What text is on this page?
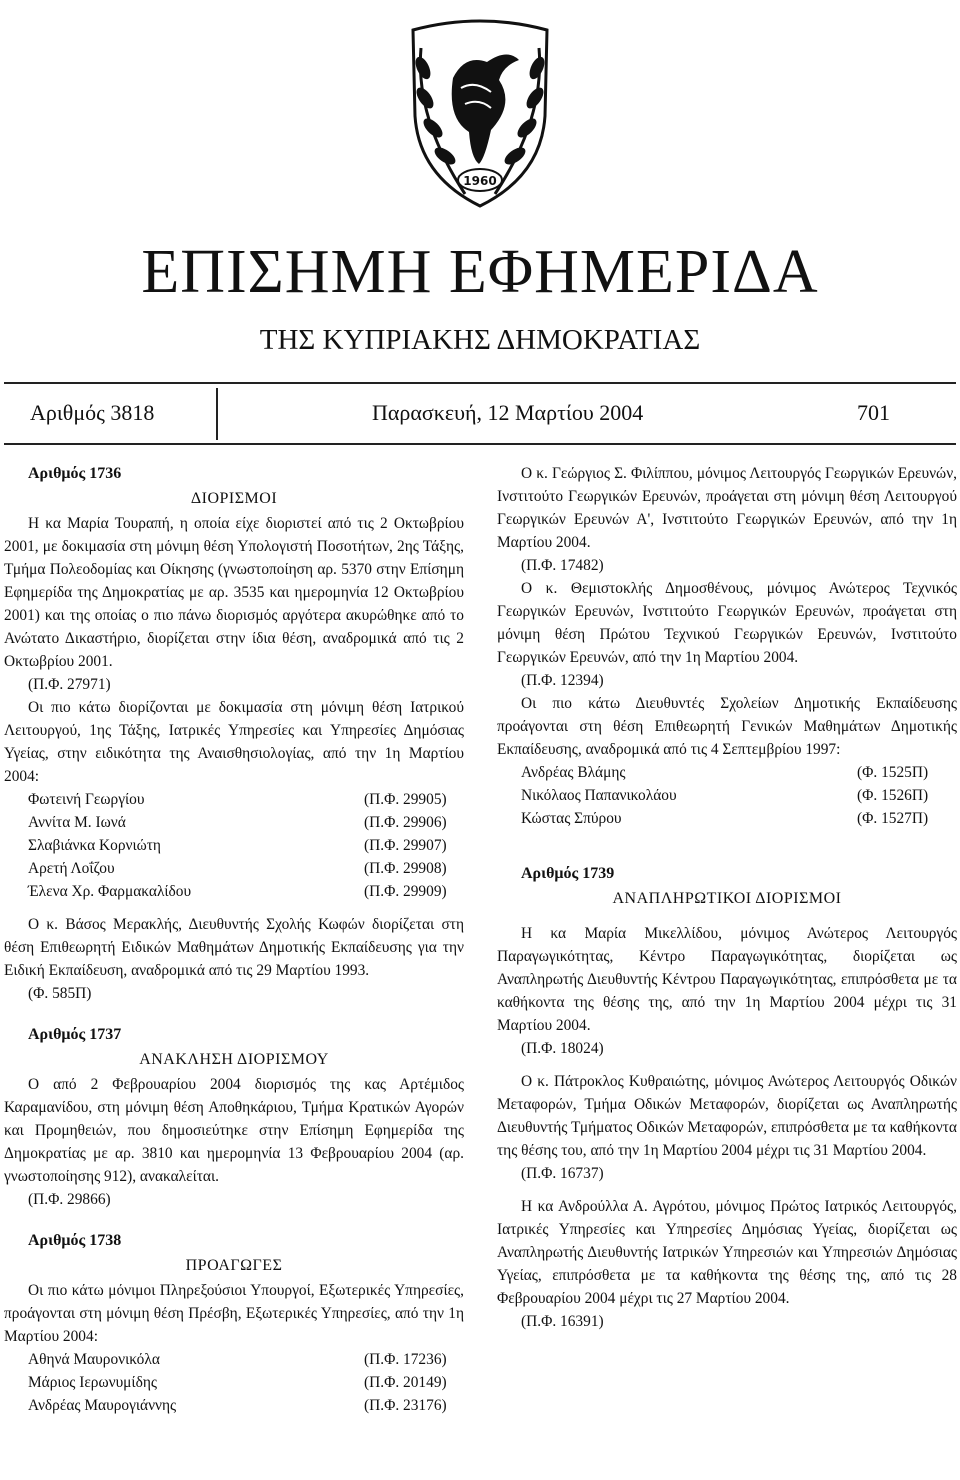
1960
ΕΠΙΣΗΜΗ ΕΦΗΜΕΡΙΔΑ
ΤΗΣ ΚΥΠΡΙΑΚΗΣ ΔΗΜΟΚΡΑΤΙΑΣ
Αριθμός 3818	Παρασκευή, 12 Μαρτίου 2004	701

Αριθμός 1736

ΔΙΟΡΙΣΜΟΙ

Η κα Μαρία Τουραπή, η οποία είχε διοριστεί από τις 2 Οκτωβρίου 2001, με δοκιμασία στη μόνιμη θέση Υπολογιστή Ποσοτήτων, 2ης Τάξης, Τμήμα Πολεοδομίας και Οίκησης (γνωστοποίηση αρ. 5370 στην Επίσημη Εφημερίδα της Δημοκρατίας με αρ. 3535 και ημερομηνία 12 Οκτωβρίου 2001) και της οποίας ο πιο πάνω διορισμός αργότερα ακυρώθηκε από το Ανώτατο Δικαστήριο, διορίζεται στην ίδια θέση, αναδρομικά από τις 2 Οκτωβρίου 2001.

(Π.Φ. 27971)

Οι πιο κάτω διορίζονται με δοκιμασία στη μόνιμη θέση Ιατρικού Λειτουργού, 1ης Τάξης, Ιατρικές Υπηρεσίες και Υπηρεσίες Δημόσιας Υγείας, στην ειδικότητα της Αναισθησιολογίας, από την 1η Μαρτίου 2004:

Φωτεινή Γεωργίου	(Π.Φ. 29905)
Αννίτα Μ. Ιωνά	(Π.Φ. 29906)
Σλαβιάνκα Κορνιώτη	(Π.Φ. 29907)
Αρετή Λοΐζου	(Π.Φ. 29908)
Έλενα Χρ. Φαρμακαλίδου	(Π.Φ. 29909)

Ο κ. Βάσος Μερακλής, Διευθυντής Σχολής Κωφών διορίζεται στη θέση Επιθεωρητή Ειδικών Μαθημάτων Δημοτικής Εκπαίδευσης για την Ειδική Εκπαίδευση, αναδρομικά από τις 29 Μαρτίου 1993.

(Φ. 585Π)

Αριθμός 1737

ΑΝΑΚΛΗΣΗ ΔΙΟΡΙΣΜΟΥ

Ο από 2 Φεβρουαρίου 2004 διορισμός της κας Αρτέμιδος Καραμανίδου, στη μόνιμη θέση Αποθηκάριου, Τμήμα Κρατικών Αγορών και Προμηθειών, που δημοσιεύτηκε στην Επίσημη Εφημερίδα της Δημοκρατίας με αρ. 3810 και ημερομηνία 13 Φεβρουαρίου 2004 (αρ. γνωστοποίησης 912), ανακαλείται.

(Π.Φ. 29866)

Αριθμός 1738

ΠΡΟΑΓΩΓΕΣ

Οι πιο κάτω μόνιμοι Πληρεξούσιοι Υπουργοί, Εξωτερικές Υπηρεσίες, προάγονται στη μόνιμη θέση Πρέσβη, Εξωτερικές Υπηρεσίες, από την 1η Μαρτίου 2004:

Αθηνά Μαυρονικόλα	(Π.Φ. 17236)
Μάριος Ιερωνυμίδης	(Π.Φ. 20149)
Ανδρέας Μαυρογιάννης	(Π.Φ. 23176)

Ο κ. Γεώργιος Σ. Φιλίππου, μόνιμος Λειτουργός Γεωργικών Ερευνών, Ινστιτούτο Γεωργικών Ερευνών, προάγεται στη μόνιμη θέση Λειτουργού Γεωργικών Ερευνών Α', Ινστιτούτο Γεωργικών Ερευνών, από την 1η Μαρτίου 2004.

(Π.Φ. 17482)

Ο κ. Θεμιστοκλής Δημοσθένους, μόνιμος Ανώτερος Τεχνικός Γεωργικών Ερευνών, Ινστιτούτο Γεωργικών Ερευνών, προάγεται στη μόνιμη θέση Πρώτου Τεχνικού Γεωργικών Ερευνών, Ινστιτούτο Γεωργικών Ερευνών, από την 1η Μαρτίου 2004.

(Π.Φ. 12394)

Οι πιο κάτω Διευθυντές Σχολείων Δημοτικής Εκπαίδευσης προάγονται στη θέση Επιθεωρητή Γενικών Μαθημάτων Δημοτικής Εκπαίδευσης, αναδρομικά από τις 4 Σεπτεμβρίου 1997:

Ανδρέας Βλάμης	(Φ. 1525Π)
Νικόλαος Παπανικολάου	(Φ. 1526Π)
Κώστας Σπύρου	(Φ. 1527Π)

Αριθμός 1739

ΑΝΑΠΛΗΡΩΤΙΚΟΙ ΔΙΟΡΙΣΜΟΙ

Η κα Μαρία Μικελλίδου, μόνιμος Ανώτερος Λειτουργός Παραγωγικότητας, Κέντρο Παραγωγικότητας, διορίζεται ως Αναπληρωτής Διευθυντής Κέντρου Παραγωγικότητας, επιπρόσθετα με τα καθήκοντα της θέσης της, από την 1η Μαρτίου 2004 μέχρι τις 31 Μαρτίου 2004.

(Π.Φ. 18024)

Ο κ. Πάτροκλος Κυθραιώτης, μόνιμος Ανώτερος Λειτουργός Οδικών Μεταφορών, Τμήμα Οδικών Μεταφορών, διορίζεται ως Αναπληρωτής Διευθυντής Τμήματος Οδικών Μεταφορών, επιπρόσθετα με τα καθήκοντα της θέσης του, από την 1η Μαρτίου 2004 μέχρι τις 31 Μαρτίου 2004.

(Π.Φ. 16737)

Η κα Ανδρούλλα Α. Αγρότου, μόνιμος Πρώτος Ιατρικός Λειτουργός, Ιατρικές Υπηρεσίες και Υπηρεσίες Δημόσιας Υγείας, διορίζεται ως Αναπληρωτής Διευθυντής Ιατρικών Υπηρεσιών και Υπηρεσιών Δημόσιας Υγείας, επιπρόσθετα με τα καθήκοντα της θέσης της, από τις 28 Φεβρουαρίου 2004 μέχρι τις 27 Μαρτίου 2004.

(Π.Φ. 16391)
